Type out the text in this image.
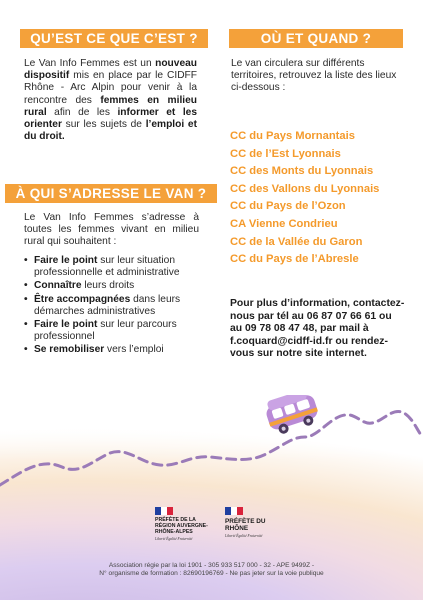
QU’EST CE QUE C’EST ?

Le Van Info Femmes est un nouveau dispositif mis en place par le CIDFF Rhône - Arc Alpin pour venir à la rencontre des femmes en milieu rural afin de les informer et les orienter sur les sujets de l’emploi et du droit.

OÙ ET QUAND ?

Le van circulera sur différents territoires, retrouvez la liste des lieux ci-dessous :

CC du Pays Mornantais
CC de l’Est Lyonnais
CC des Monts du Lyonnais
CC des Vallons du Lyonnais
CC du Pays de l’Ozon
CA Vienne Condrieu
CC de la Vallée du Garon
CC du Pays de l’Abresle
À QUI S’ADRESSE LE VAN ?

Le Van Info Femmes s’adresse à toutes les femmes vivant en milieu rural qui souhaitent :

• Faire le point sur leur situation professionnelle et administrative
• Connaître leurs droits
• Être accompagnées dans leurs démarches administratives
• Faire le point sur leur parcours professionnel
• Se remobiliser vers l’emploi

Pour plus d’information, contactez-nous par tél au 06 87 07 66 61 ou au 09 78 08 47 48, par mail à f.coquard@cidff-id.fr ou rendez-vous sur notre site internet.

PRÉFÈTE DE LA RÉGION AUVERGNE-RHÔNE-ALPES
Liberté Égalité Fraternité
PRÉFÈTE DU RHÔNE
Liberté Égalité Fraternité
Association régie par la loi 1901 - 305 933 517 000 - 32 - APE 9499Z -
N° organisme de formation : 82690196769 - Ne pas jeter sur la voie publique
